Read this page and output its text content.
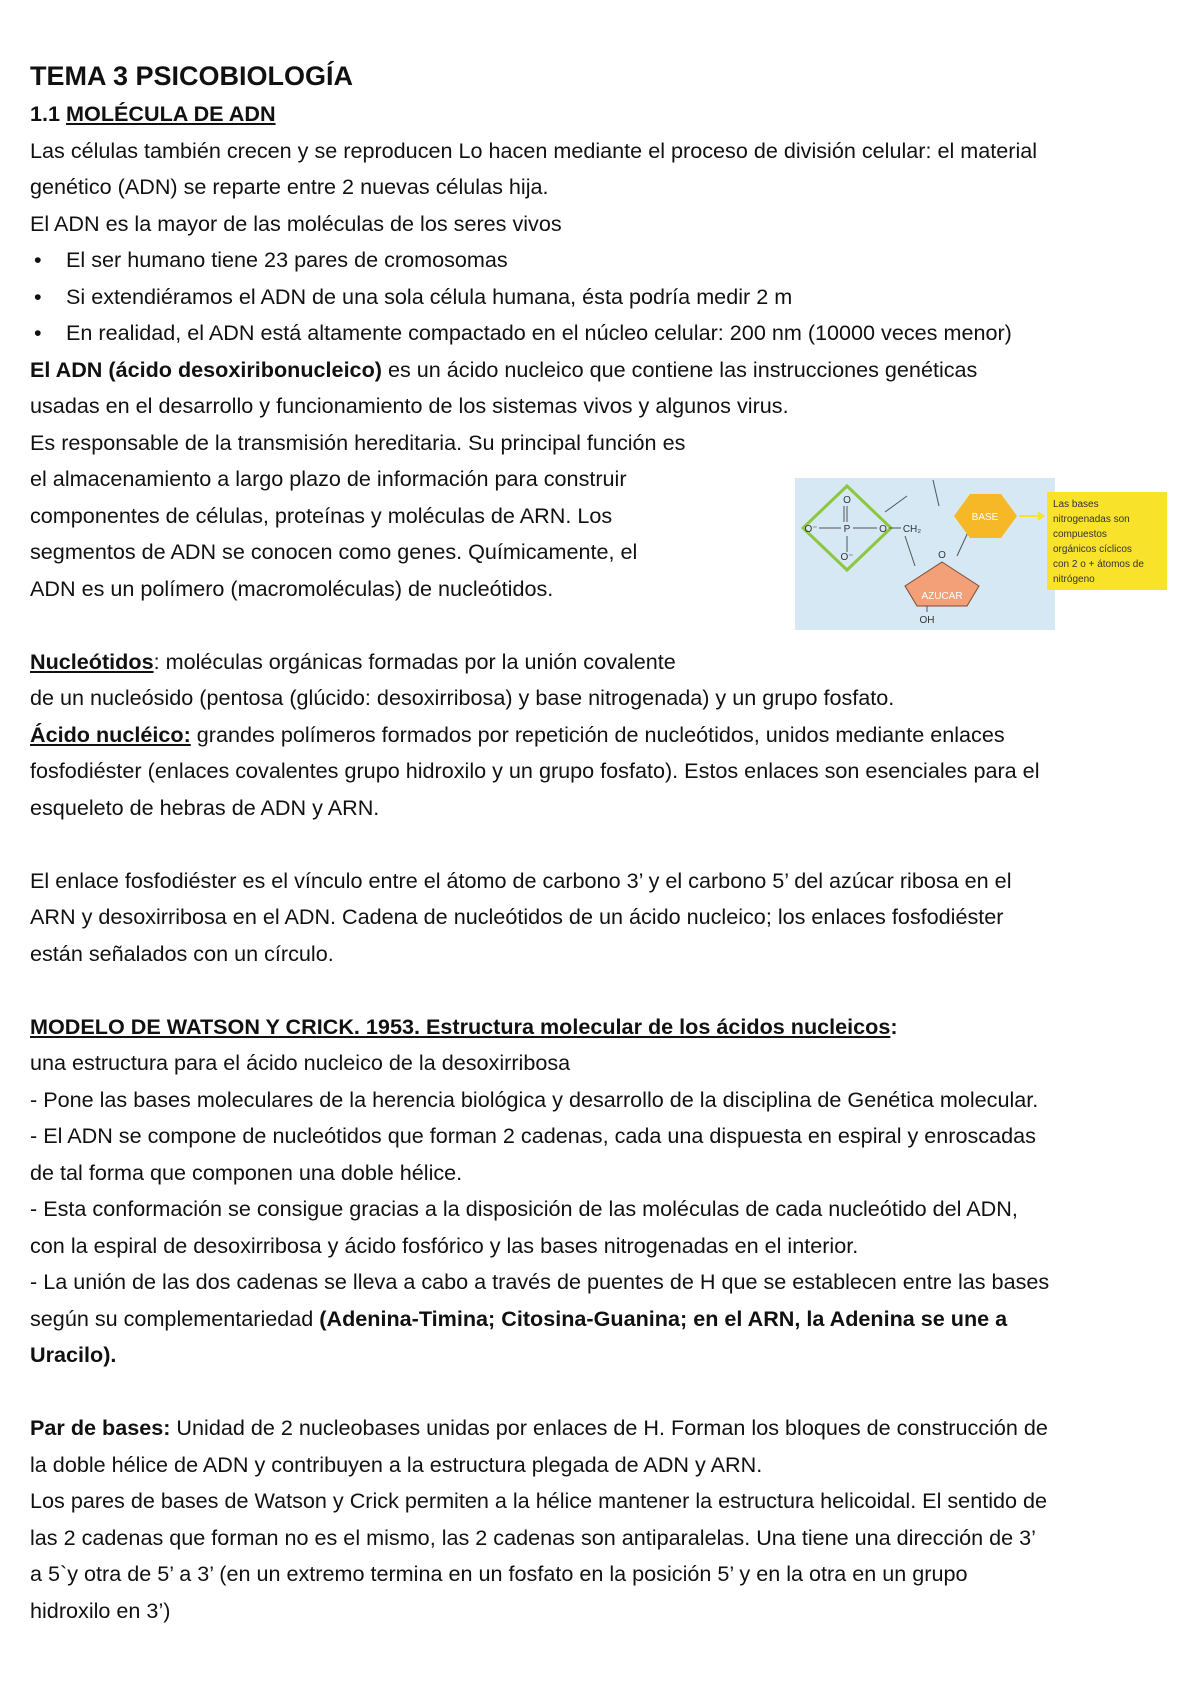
TEMA 3 PSICOBIOLOGÍA

1.1 MOLÉCULA DE ADN

Las células también crecen y se reproducen Lo hacen mediante el proceso de división celular: el material

genético (ADN) se reparte entre 2 nuevas células hija.

El ADN es la mayor de las moléculas de los seres vivos

• El ser humano tiene 23 pares de cromosomas

• Si extendiéramos el ADN de una sola célula humana, ésta podría medir 2 m

• En realidad, el ADN está altamente compactado en el núcleo celular: 200 nm (10000 veces menor)

El ADN (ácido desoxiribonucleico) es un ácido nucleico que contiene las instrucciones genéticas

usadas en el desarrollo y funcionamiento de los sistemas vivos y algunos virus.

Es responsable de la transmisión hereditaria. Su principal función es

el almacenamiento a largo plazo de información para construir

componentes de células, proteínas y moléculas de ARN. Los

segmentos de ADN se conocen como genes. Químicamente, el

ADN es un polímero (macromoléculas) de nucleótidos.

Nucleótidos: moléculas orgánicas formadas por la unión covalente

de un nucleósido (pentosa (glúcido: desoxirribosa) y base nitrogenada) y un grupo fosfato.

Ácido nucléico: grandes polímeros formados por repetición de nucleótidos, unidos mediante enlaces

fosfodiéster (enlaces covalentes grupo hidroxilo y un grupo fosfato). Estos enlaces son esenciales para el

esqueleto de hebras de ADN y ARN.

El enlace fosfodiéster es el vínculo entre el átomo de carbono 3’ y el carbono 5’ del azúcar ribosa en el

ARN y desoxirribosa en el ADN. Cadena de nucleótidos de un ácido nucleico; los enlaces fosfodiéster

están señalados con un círculo.

MODELO DE WATSON Y CRICK. 1953. Estructura molecular de los ácidos nucleicos:

una estructura para el ácido nucleico de la desoxirribosa

- Pone las bases moleculares de la herencia biológica y desarrollo de la disciplina de Genética molecular.

- El ADN se compone de nucleótidos que forman 2 cadenas, cada una dispuesta en espiral y enroscadas

de tal forma que componen una doble hélice.

- Esta conformación se consigue gracias a la disposición de las moléculas de cada nucleótido del ADN,

con la espiral de desoxirribosa y ácido fosfórico y las bases nitrogenadas en el interior.

- La unión de las dos cadenas se lleva a cabo a través de puentes de H que se establecen entre las bases

según su complementariedad (Adenina-Timina; Citosina-Guanina; en el ARN, la Adenina se une a

Uracilo).

Par de bases: Unidad de 2 nucleobases unidas por enlaces de H. Forman los bloques de construcción de

la doble hélice de ADN y contribuyen a la estructura plegada de ADN y ARN.

Los pares de bases de Watson y Crick permiten a la hélice mantener la estructura helicoidal. El sentido de

las 2 cadenas que forman no es el mismo, las 2 cadenas son antiparalelas. Una tiene una dirección de 3’

a 5`y otra de 5’ a 3’ (en un extremo termina en un fosfato en la posición 5’ y en la otra en un grupo

hidroxilo en 3’)

P
O
O⁻
O⁻
O CH₂
O
OH
AZUCAR
BASE
Las bases
nitrogenadas son
compuestos
orgánicos cíclicos
con 2 o + átomos de
nitrógeno
